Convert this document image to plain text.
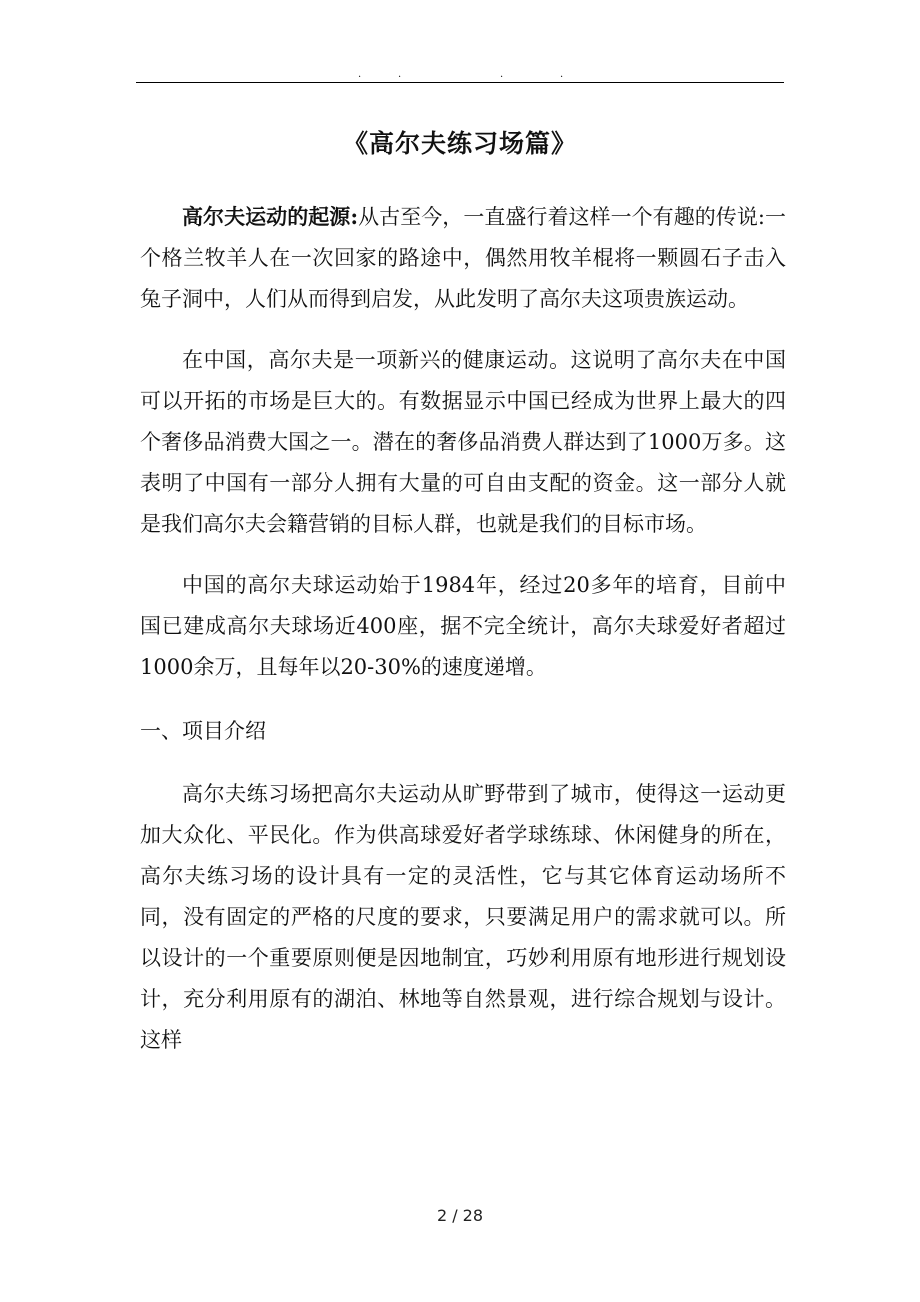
.	.	.	.
《高尔夫练习场篇》

高尔夫运动的起源:从古至今，一直盛行着这样一个有趣的传说:一个格兰牧羊人在一次回家的路途中，偶然用牧羊棍将一颗圆石子击入兔子洞中，人们从而得到启发，从此发明了高尔夫这项贵族运动。

在中国，高尔夫是一项新兴的健康运动。这说明了高尔夫在中国可以开拓的市场是巨大的。有数据显示中国已经成为世界上最大的四个奢侈品消费大国之一。潜在的奢侈品消费人群达到了1000万多。这表明了中国有一部分人拥有大量的可自由支配的资金。这一部分人就是我们高尔夫会籍营销的目标人群，也就是我们的目标市场。

中国的高尔夫球运动始于1984年，经过20多年的培育，目前中国已建成高尔夫球场近400座，据不完全统计，高尔夫球爱好者超过1000余万，且每年以20-30%的速度递增。

一、项目介绍

高尔夫练习场把高尔夫运动从旷野带到了城市，使得这一运动更加大众化、平民化。作为供高球爱好者学球练球、休闲健身的所在，高尔夫练习场的设计具有一定的灵活性，它与其它体育运动场所不同，没有固定的严格的尺度的要求，只要满足用户的需求就可以。所以设计的一个重要原则便是因地制宜，巧妙利用原有地形进行规划设计，充分利用原有的湖泊、林地等自然景观，进行综合规划与设计。这样

2 / 28
